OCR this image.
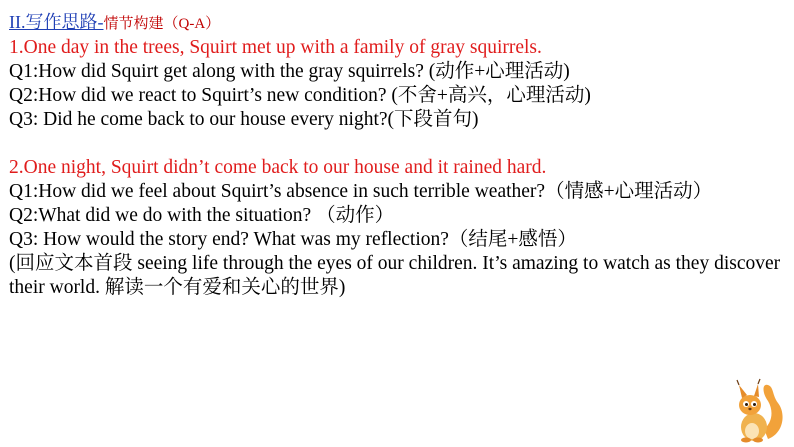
II.写作思路-情节构建（Q-A）
1.One day in the trees, Squirt met up with a family of gray squirrels.
Q1:How did Squirt get along with the gray squirrels? (动作+心理活动)
Q2:How did we react to Squirt’s new condition? (不舍+高兴，心理活动)
Q3: Did he come back to our house every night?(下段首句)
2.One night, Squirt didn’t come back to our house and it rained hard.
Q1:How did we feel about Squirt’s absence in such terrible weather?（情感+心理活动）
Q2:What did we do with the situation? （动作）
Q3: How would the story end? What was my reflection?（结尾+感悟）
(回应文本首段 seeing life through the eyes of our children. It’s amazing to watch as they discover their world. 解读一个有爱和关心的世界)
